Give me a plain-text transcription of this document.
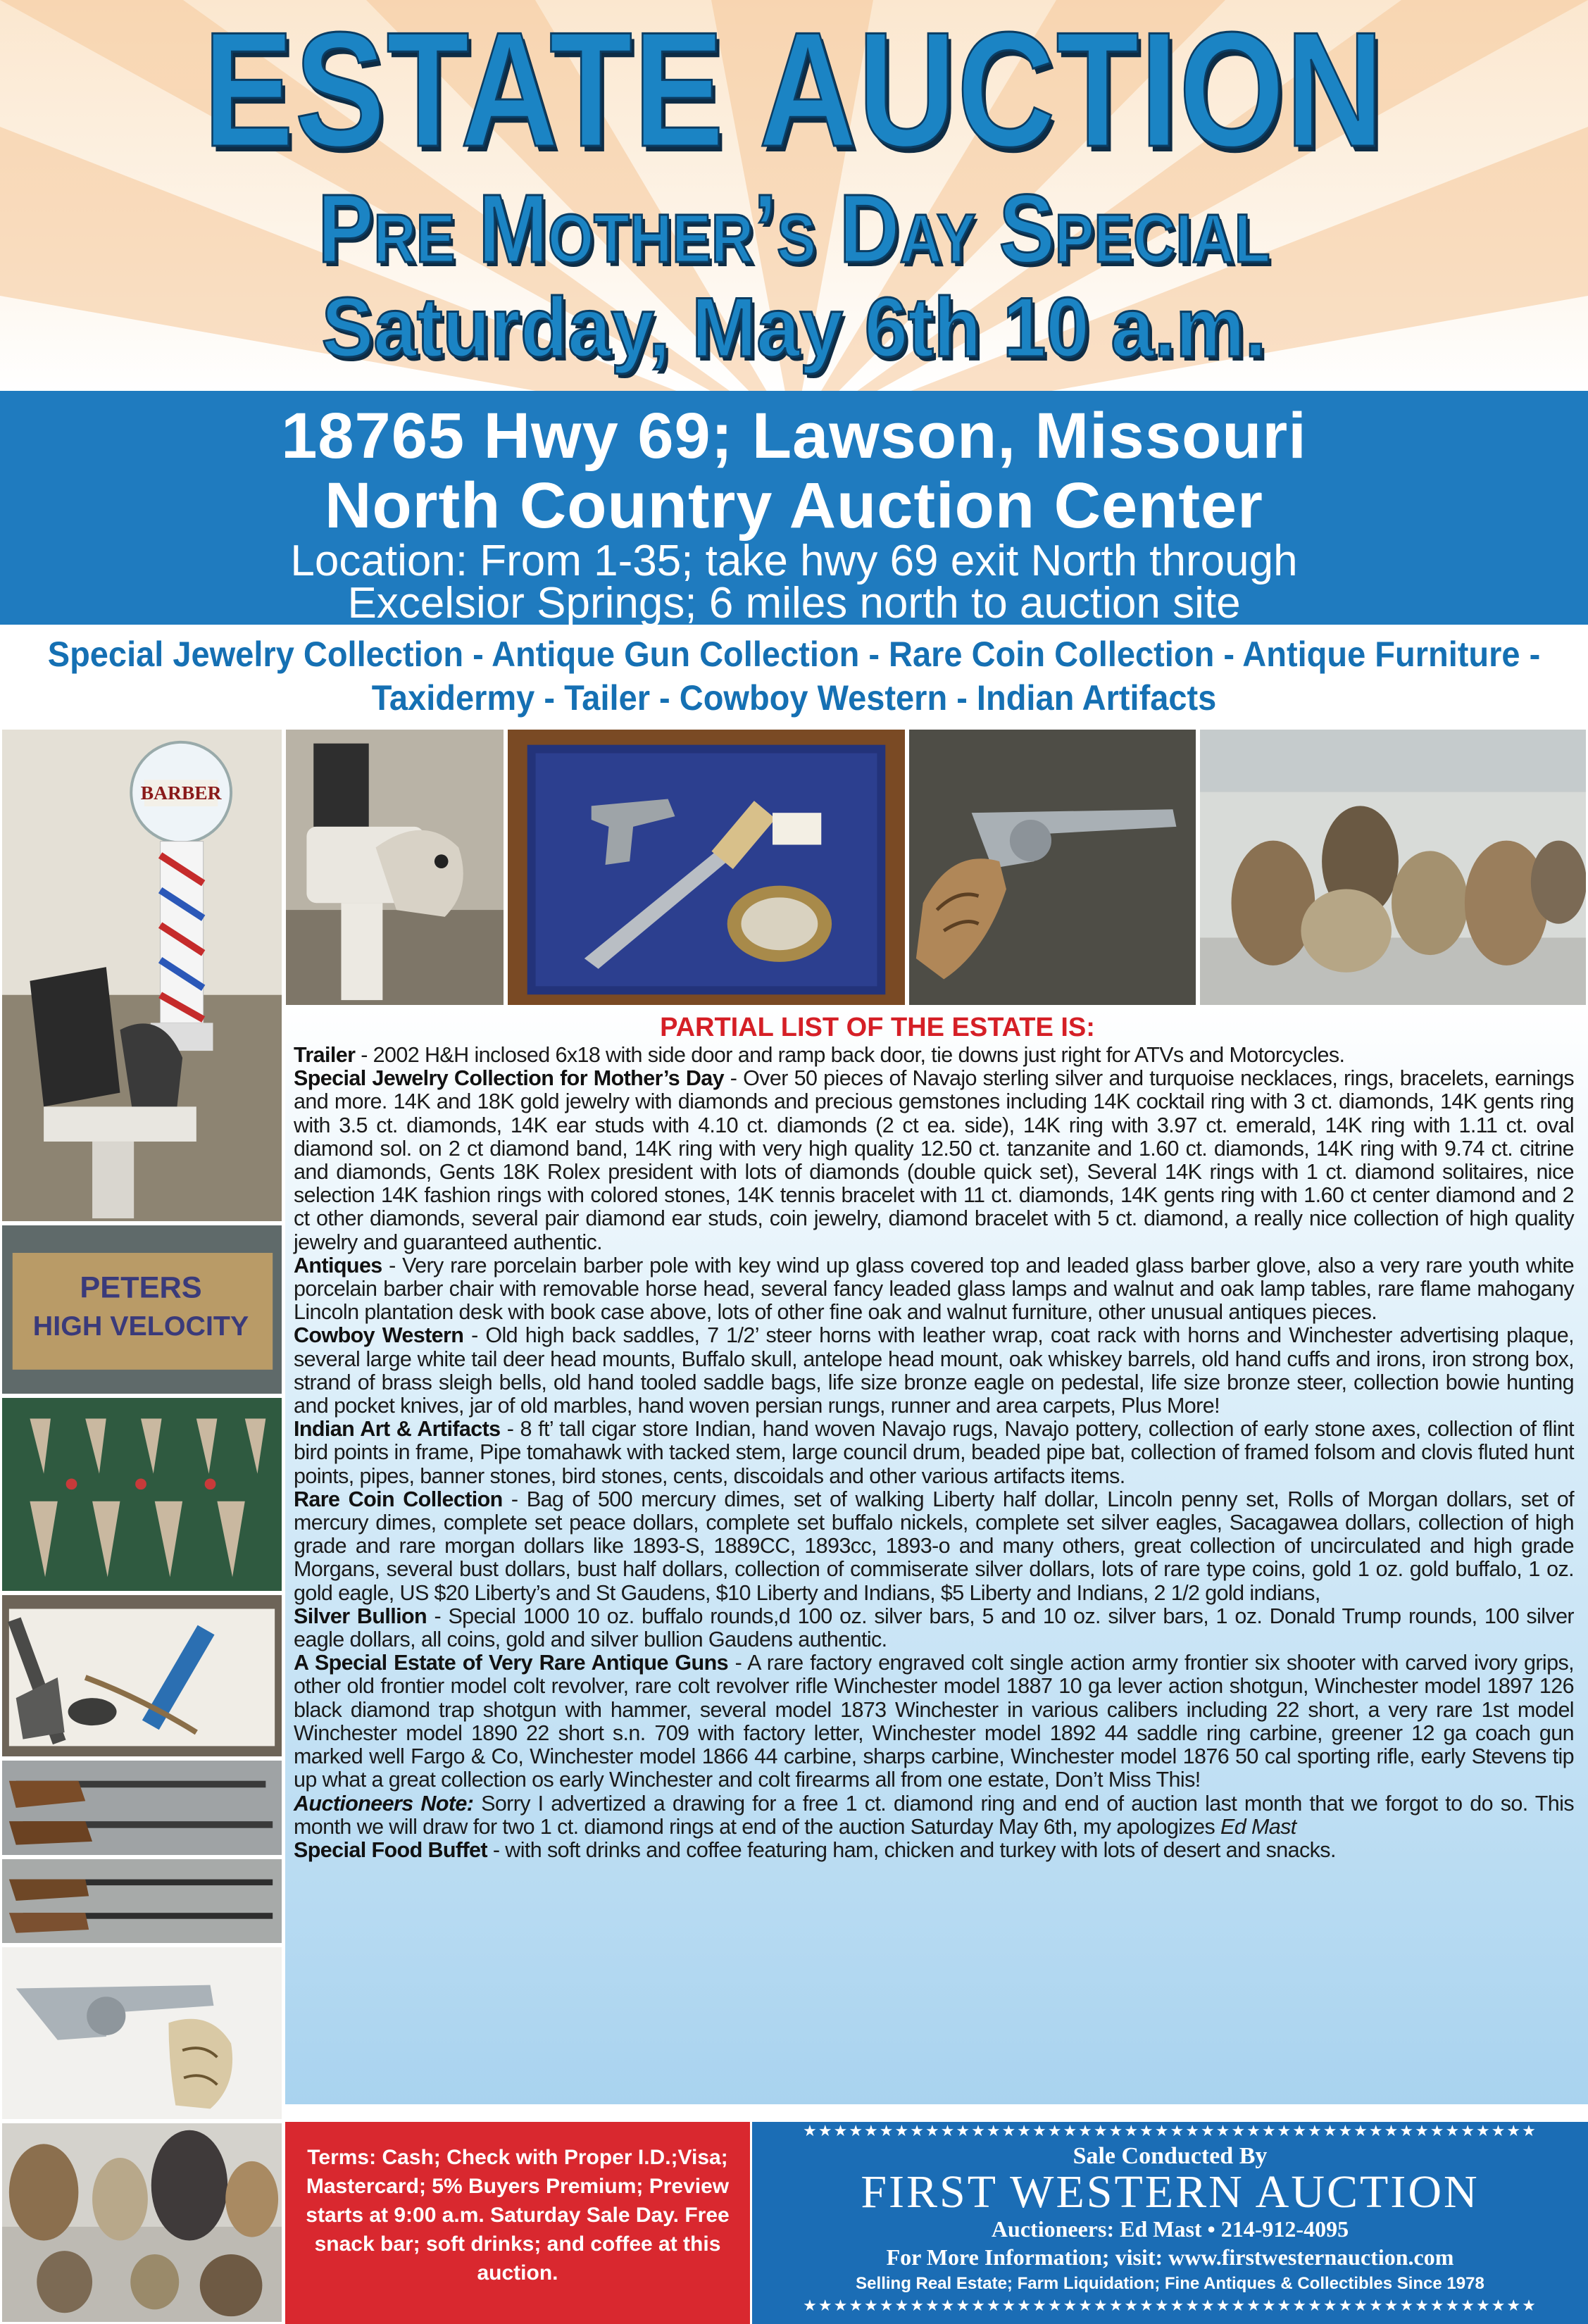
ESTATE AUCTION
Pre Mother’s Day Special
Saturday, May 6th 10 a.m.
18765 Hwy 69; Lawson, Missouri
North Country Auction Center
Location: From 1-35; take hwy 69 exit North through
Excelsior Springs; 6 miles north to auction site
Special Jewelry Collection - Antique Gun Collection - Rare Coin Collection - Antique Furniture -
Taxidermy - Tailer - Cowboy Western - Indian Artifacts
BARBER
PETERS
HIGH VELOCITY
PARTIAL LIST OF THE ESTATE IS:
Trailer - 2002 H&H inclosed 6x18 with side door and ramp back door, tie downs just right for ATVs and Motorcycles.
Special Jewelry Collection for Mother’s Day - Over 50 pieces of Navajo sterling silver and turquoise necklaces, rings, bracelets, earnings and more. 14K and 18K gold jewelry with diamonds and precious gemstones including 14K cocktail ring with 3 ct. diamonds, 14K gents ring with 3.5 ct. diamonds, 14K ear studs with 4.10 ct. diamonds (2 ct ea. side), 14K ring with 3.97 ct. emerald, 14K ring with 1.11 ct. oval diamond sol. on 2 ct diamond band, 14K ring with very high quality 12.50 ct. tanzanite and 1.60 ct. diamonds, 14K ring with 9.74 ct. citrine and diamonds, Gents 18K Rolex president with lots of diamonds (double quick set), Several 14K rings with 1 ct. diamond solitaires, nice selection 14K fashion rings with colored stones, 14K tennis bracelet with 11 ct. diamonds, 14K gents ring with 1.60 ct center diamond and 2 ct other diamonds, several pair diamond ear studs, coin jewelry, diamond bracelet with 5 ct. diamond, a really nice collection of high quality jewelry and guaranteed authentic.
Antiques - Very rare porcelain barber pole with key wind up glass covered top and leaded glass barber glove, also a very rare youth white porcelain barber chair with removable horse head, several fancy leaded glass lamps and walnut and oak lamp tables, rare flame mahogany Lincoln plantation desk with book case above, lots of other fine oak and walnut furniture, other unusual antiques pieces.
Cowboy Western - Old high back saddles, 7 1/2’ steer horns with leather wrap, coat rack with horns and Winchester advertising plaque, several large white tail deer head mounts, Buffalo skull, antelope head mount, oak whiskey barrels, old hand cuffs and irons, iron strong box, strand of brass sleigh bells, old hand tooled saddle bags, life size bronze eagle on pedestal, life size bronze steer, collection bowie hunting and pocket knives, jar of old marbles, hand woven persian rungs, runner and area carpets, Plus More!
Indian Art & Artifacts - 8 ft’ tall cigar store Indian, hand woven Navajo rugs, Navajo pottery, collection of early stone axes, collection of flint bird points in frame, Pipe tomahawk with tacked stem, large council drum, beaded pipe bat, collection of framed folsom and clovis fluted hunt points, pipes, banner stones, bird stones, cents, discoidals and other various artifacts items.
Rare Coin Collection - Bag of 500 mercury dimes, set of walking Liberty half dollar, Lincoln penny set, Rolls of Morgan dollars, set of mercury dimes, complete set peace dollars, complete set buffalo nickels, complete set silver eagles, Sacagawea dollars, collection of high grade and rare morgan dollars like 1893-S, 1889CC, 1893cc, 1893-o and many others, great collection of uncirculated and high grade Morgans, several bust dollars, bust half dollars, collection of commiserate silver dollars, lots of rare type coins, gold 1 oz. gold buffalo, 1 oz. gold eagle, US $20 Liberty’s and St Gaudens, $10 Liberty and Indians, $5 Liberty and Indians, 2 1/2 gold indians,
Silver Bullion - Special 1000 10 oz. buffalo rounds,d 100 oz. silver bars, 5 and 10 oz. silver bars, 1 oz. Donald Trump rounds, 100 silver eagle dollars, all coins, gold and silver bullion Gaudens authentic.
A Special Estate of Very Rare Antique Guns - A rare factory engraved colt single action army frontier six shooter with carved ivory grips, other old frontier model colt revolver, rare colt revolver rifle Winchester model 1887 10 ga lever action shotgun, Winchester model 1897 126 black diamond trap shotgun with hammer, several model 1873 Winchester in various calibers including 22 short, a very rare 1st model Winchester model 1890 22 short s.n. 709 with factory letter, Winchester model 1892 44 saddle ring carbine, greener 12 ga coach gun marked well Fargo & Co, Winchester model 1866 44 carbine, sharps carbine, Winchester model 1876 50 cal sporting rifle, early Stevens tip up what a great collection os early Winchester and colt firearms all from one estate, Don’t Miss This!
Auctioneers Note: Sorry I advertized a drawing for a free 1 ct. diamond ring and end of auction last month that we forgot to do so. This month we will draw for two 1 ct. diamond rings at end of the auction Saturday May 6th, my apologizes Ed Mast
Special Food Buffet - with soft drinks and coffee featuring ham, chicken and turkey with lots of desert and snacks.
Terms: Cash; Check with Proper I.D.;Visa; Mastercard; 5% Buyers Premium; Preview starts at 9:00 a.m. Saturday Sale Day. Free snack bar; soft drinks; and coffee at this auction.
★★★★★★★★★★★★★★★★★★★★★★★★★★★★★★★★★★★★★★★★★★★★★★★★
Sale Conducted By
FIRST WESTERN AUCTION
Auctioneers: Ed Mast • 214-912-4095
For More Information; visit: www.firstwesternauction.com
Selling Real Estate; Farm Liquidation; Fine Antiques & Collectibles Since 1978
★★★★★★★★★★★★★★★★★★★★★★★★★★★★★★★★★★★★★★★★★★★★★★★★
